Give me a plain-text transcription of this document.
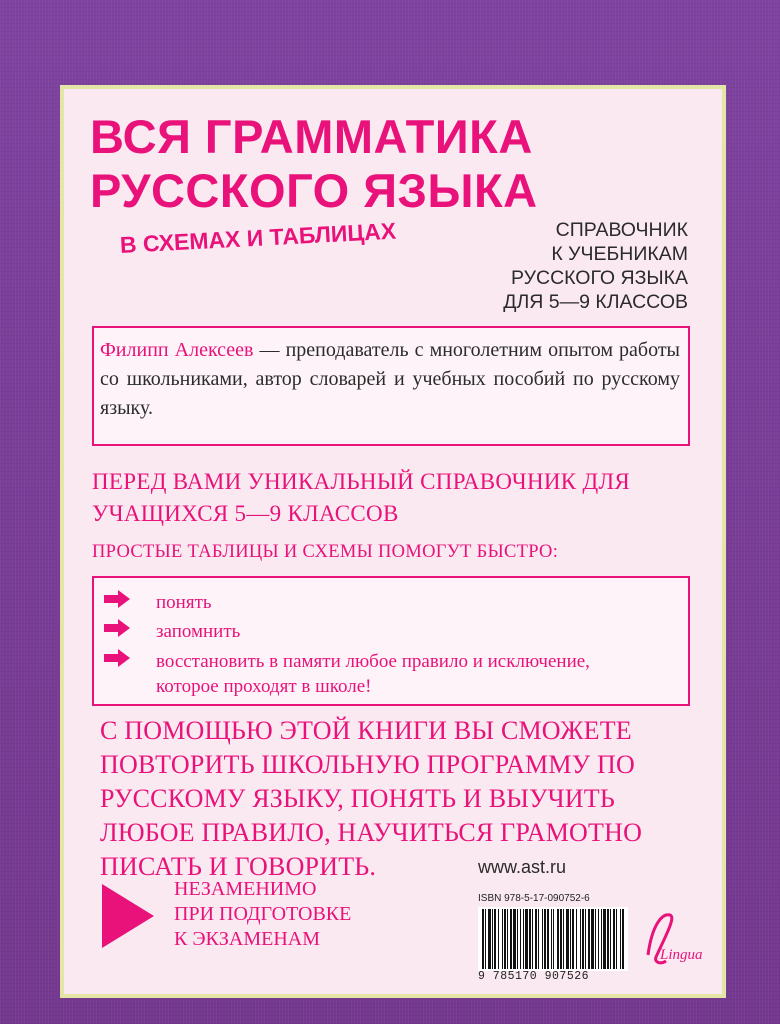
ВСЯ ГРАММАТИКА
РУССКОГО ЯЗЫКА
В СХЕМАХ И ТАБЛИЦАХ	СПРАВОЧНИК
К УЧЕБНИКАМ
РУССКОГО ЯЗЫКА
ДЛЯ 5—9 КЛАССОВ

Филипп Алексеев — преподаватель с многолетним опытом работы со школьниками, автор словарей и учебных пособий по русскому языку.

ПЕРЕД ВАМИ УНИКАЛЬНЫЙ СПРАВОЧНИК ДЛЯ УЧАЩИХСЯ 5—9 КЛАССОВ

ПРОСТЫЕ ТАБЛИЦЫ И СХЕМЫ ПОМОГУТ БЫСТРО:

понять
запомнить
восстановить в памяти любое правило и исключение, которое проходят в школе!

С ПОМОЩЬЮ ЭТОЙ КНИГИ ВЫ СМОЖЕТЕ ПОВТОРИТЬ ШКОЛЬНУЮ ПРОГРАММУ ПО РУССКОМУ ЯЗЫКУ, ПОНЯТЬ И ВЫУЧИТЬ ЛЮБОЕ ПРАВИЛО, НАУЧИТЬСЯ ГРАМОТНО ПИСАТЬ И ГОВОРИТЬ.	www.ast.ru

НЕЗАМЕНИМО
ПРИ ПОДГОТОВКЕ
К ЭКЗАМЕНАМ

ISBN 978-5-17-090752-6
9 785170 907526
Lingua
